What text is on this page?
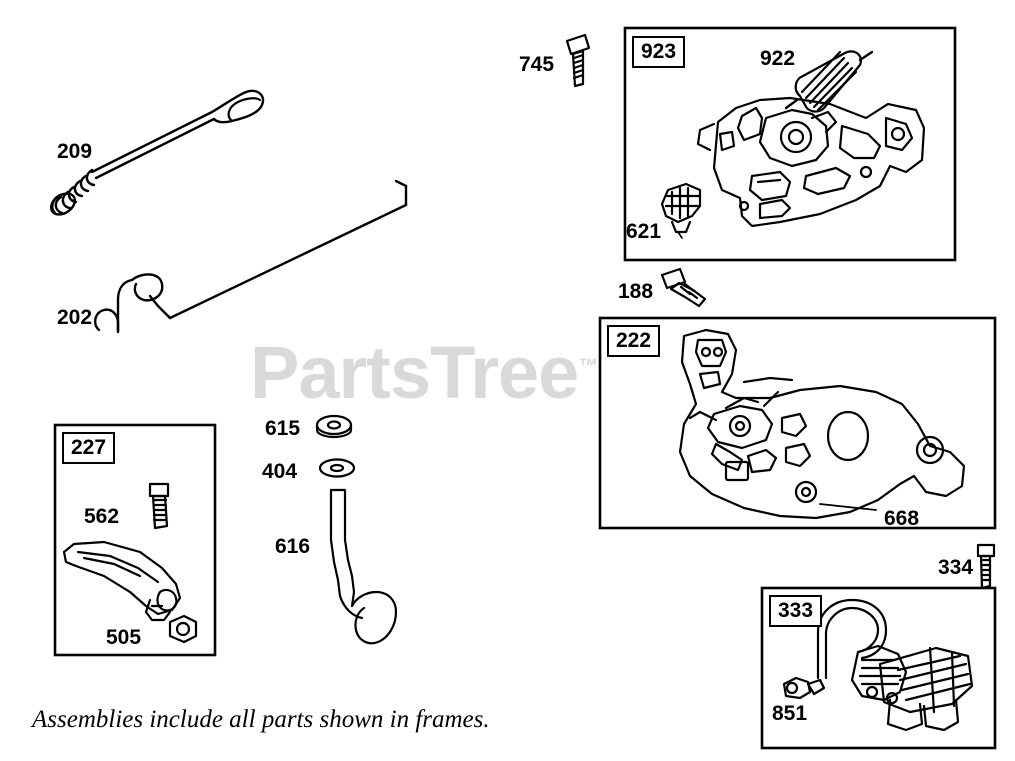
PartsTree™
923
222
227
333
209
202
745	922
621
188
668
615
404
616
562
505
334
851
Assemblies include all parts shown in frames.
